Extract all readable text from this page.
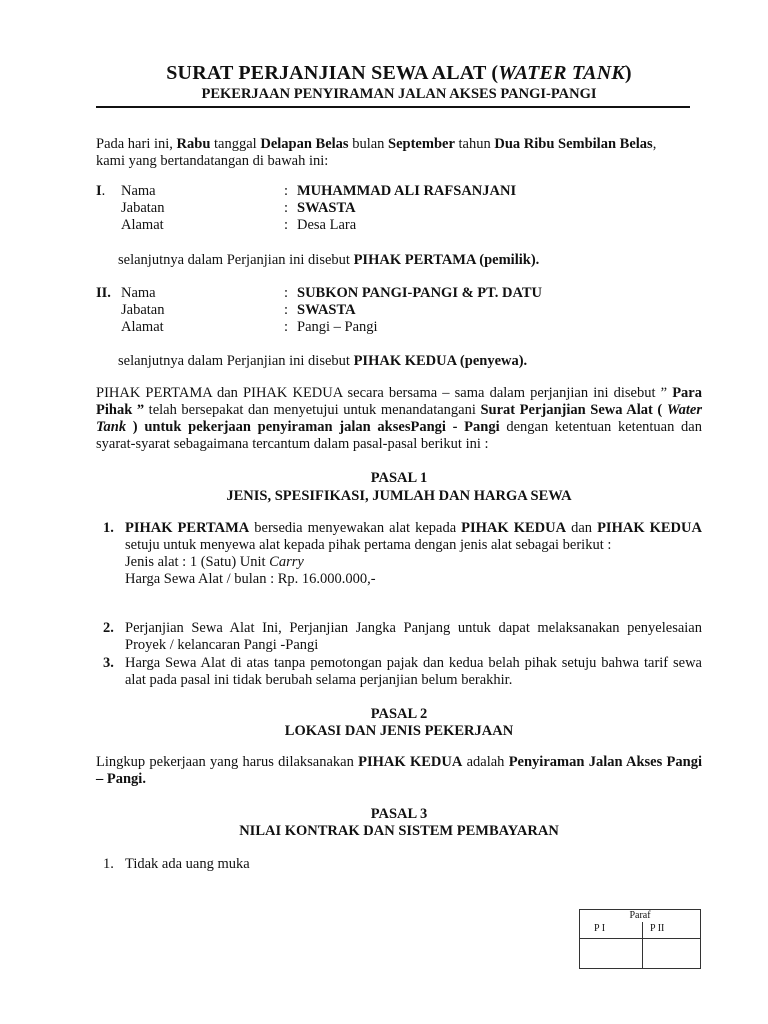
SURAT PERJANJIAN SEWA ALAT (WATER TANK)
PEKERJAAN PENYIRAMAN JALAN AKSES PANGI-PANGI
Pada hari ini, Rabu tanggal Delapan Belas bulan September tahun Dua Ribu Sembilan Belas,
kami yang bertandatangan di bawah ini:
I. Nama	: MUHAMMAD ALI RAFSANJANI
Jabatan	: SWASTA
Alamat	: Desa Lara
selanjutnya dalam Perjanjian ini disebut PIHAK PERTAMA (pemilik).
II. Nama	: SUBKON PANGI-PANGI & PT. DATU
Jabatan	: SWASTA
Alamat	: Pangi – Pangi
selanjutnya dalam Perjanjian ini disebut PIHAK KEDUA (penyewa).
PIHAK PERTAMA dan PIHAK KEDUA secara bersama – sama dalam perjanjian ini disebut ” Para Pihak ” telah bersepakat dan menyetujui untuk menandatangani Surat Perjanjian Sewa Alat ( Water Tank ) untuk pekerjaan penyiraman jalan aksesPangi - Pangi dengan ketentuan ketentuan dan syarat-syarat sebagaimana tercantum dalam pasal-pasal berikut ini :
PASAL 1
JENIS, SPESIFIKASI, JUMLAH DAN HARGA SEWA
1. PIHAK PERTAMA bersedia menyewakan alat kepada PIHAK KEDUA dan PIHAK KEDUA setuju untuk menyewa alat kepada pihak pertama dengan jenis alat sebagai berikut :
Jenis alat : 1 (Satu) Unit Carry
Harga Sewa Alat / bulan : Rp. 16.000.000,-
2. Perjanjian Sewa Alat Ini, Perjanjian Jangka Panjang untuk dapat melaksanakan penyelesaian Proyek / kelancaran Pangi -Pangi
3. Harga Sewa Alat di atas tanpa pemotongan pajak dan kedua belah pihak setuju bahwa tarif sewa alat pada pasal ini tidak berubah selama perjanjian belum berakhir.
PASAL 2
LOKASI DAN JENIS PEKERJAAN
Lingkup pekerjaan yang harus dilaksanakan PIHAK KEDUA adalah Penyiraman Jalan Akses Pangi – Pangi.
PASAL 3
NILAI KONTRAK DAN SISTEM PEMBAYARAN
1. Tidak ada uang muka
Paraf
P I	P II
